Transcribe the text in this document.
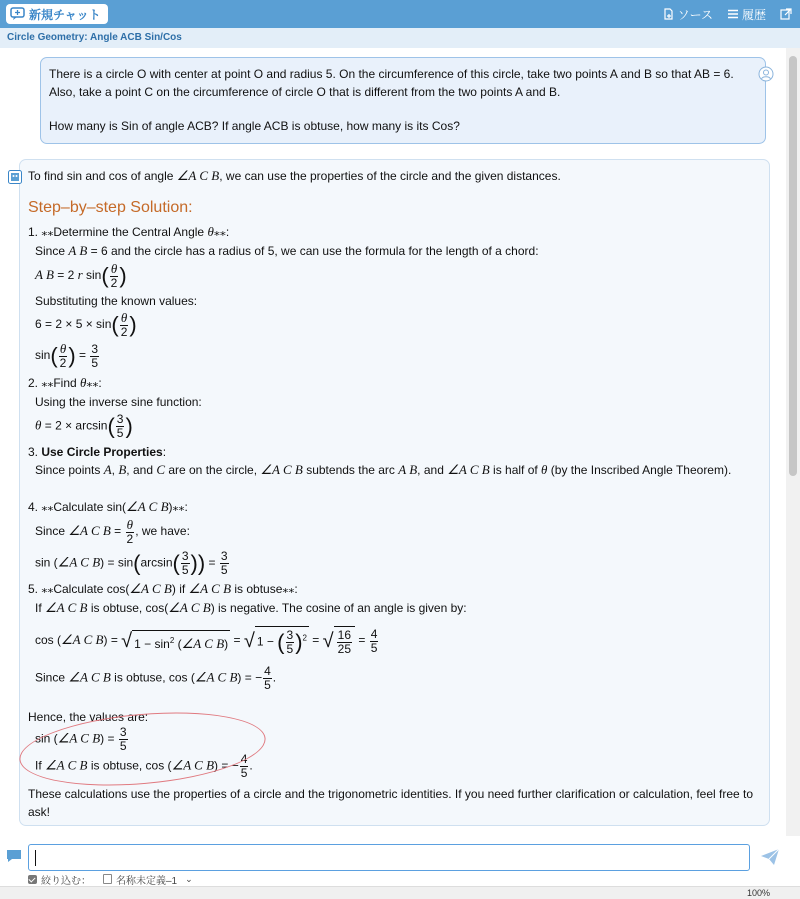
新規チャット	ソース 履歴
Circle Geometry: Angle ACB Sin/Cos

There is a circle O with center at point O and radius 5. On the circumference of this circle, take two points A and B so that AB = 6. Also, take a point C on the circumference of circle O that is different from the two points A and B.

How many is Sin of angle ACB? If angle ACB is obtuse, how many is its Cos?

To find sin and cos of angle ∠A C B, we can use the properties of the circle and the given distances.
Step–by–step Solution:
1. ⁎⁎Determine the Central Angle θ⁎⁎:
Since A B = 6 and the circle has a radius of 5, we can use the formula for the length of a chord:
A B = 2 r $\sin( \frac{\theta}{2}$ )
Substituting the known values:
$6 = 2 \times 5 \times \sin( \frac{\theta}{2}$ )
$\sin( \frac{\theta}{2}$ ) = $\frac{3}{5}$
2. ⁎⁎Find θ⁎⁎:
Using the inverse sine function:
$\theta = 2 \times \arcsin( \frac{3}{5}$ )
3. Use Circle Properties:
Since points A, B, and C are on the circle, ∠A C B subtends the arc A B, and ∠A C B is half of θ (by the Inscribed Angle Theorem).
4. ⁎⁎Calculate sin(∠A C B)⁎⁎:
Since ∠A C $B = \frac{\theta}{2}$ , we have:
sin (∠A C $B) = \sin(\arcsin( \frac{3}{5}$ )) = $\frac{3}{5}$
5. ⁎⁎Calculate cos(∠A C B) if ∠A C B is obtuse⁎⁎:
If ∠A C B is obtuse, cos(∠A C B) is negative. The cosine of an angle is given by:
cos (∠A C B) = √ $1 - \sin^2$ (∠A C B) = √ 1 − ( $\frac{3}{5} )^2$ = √ $\frac{16}{25} = \frac{4}{5}$
Since ∠A C B is obtuse, cos (∠A C B) = − $\frac{4}{5}$ .
Hence, the values are:
sin (∠A C $B) = \frac{3}{5}$
If ∠A C B is obtuse, cos (∠A C B) = − $\frac{4}{5}$ .
These calculations use the properties of a circle and the trigonometric identities. If you need further clarification or calculation, feel free to ask!
絞り込む：	名称未定義–1 ⌄
100%
